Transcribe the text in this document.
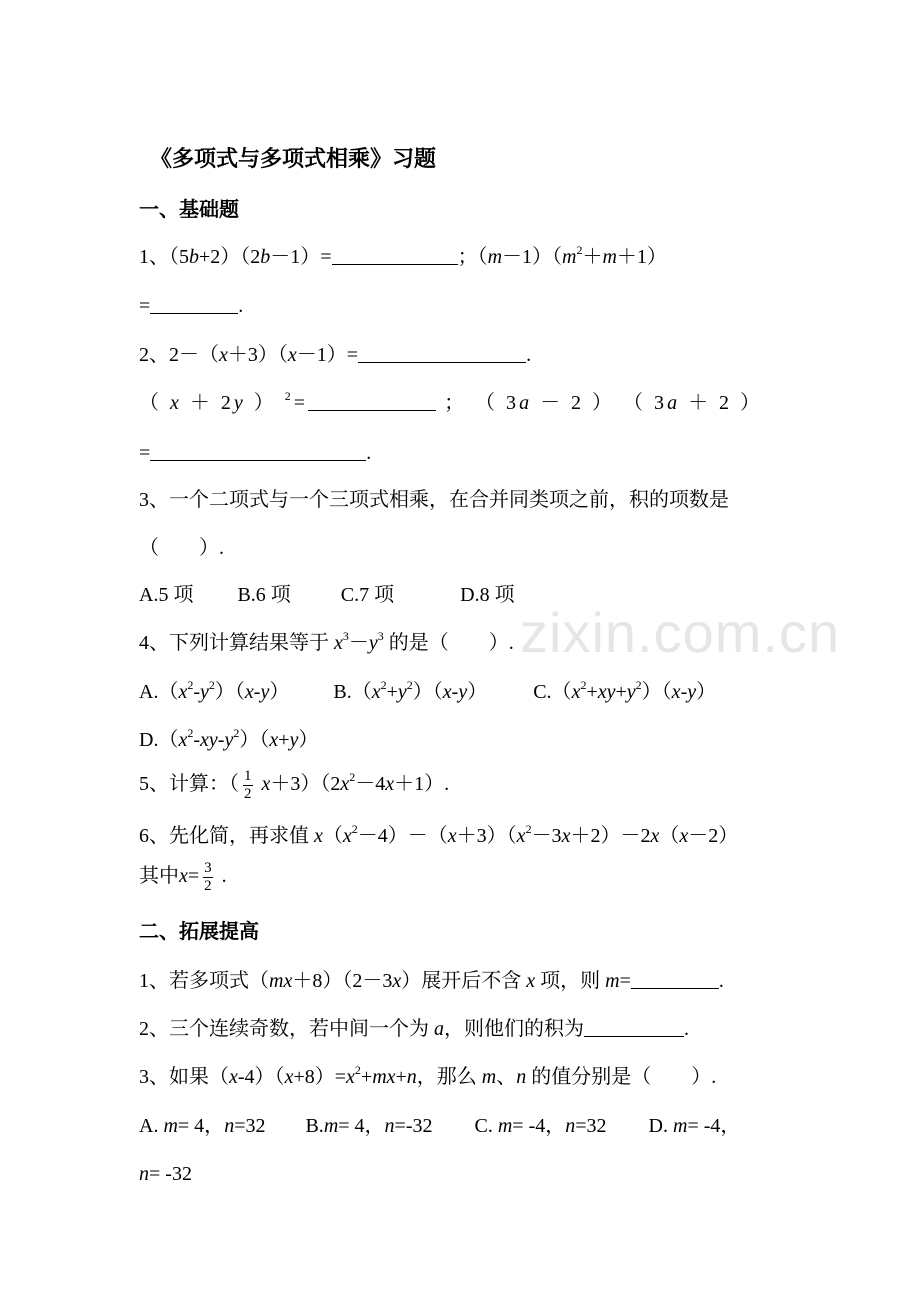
zixin.com.cn
《多项式与多项式相乘》习题
一、基础题
1、（5b+2）（2b－1）=	；$(m-1)(m^2+m+1)$
=	.
2、2－（x＋3）（x－1）=	.
（ x ＋ 2y ） $^2$=	； （ 3a － 2 ） （ 3a ＋ 2 ）
=	.
3、一个二项式与一个三项式相乘，在合并同类项之前，积的项数是
（　　）.
A.5 项 B.6 项	C.7 项	D.8 项
4、下列计算结果等于 $x^3-y^3$ 的是（　　）.
$A.(x^2-y^2)(x-y)$ $B.(x^2+y^2)(x-y)$ $C.(x^2+xy+y^2)(x-y)$
$D.(x^2-xy-y^2)(x+y)$
5、计算：（ $\frac{1}{2} x+3)(2x^2-4x+1)$.
6、先化简，再求值 $x(x^2-4)-(x+3)(x^2-3x+2)-2x(x-2)$
其中$x= \frac{3}{2}$ .
二、拓展提高
1、若多项式（mx＋8）（2－3x）展开后不含 x 项，则 m=	.
2、三个连续奇数，若中间一个为 a，则他们的积为	.
3、如果$(x-4)(x+8)=x^2+mx+n$，那么 m、n 的值分别是（　　）.
A. m= 4，n=32 B.m= 4，n=-32 C. m= -4，n=32 D. m= -4，
n= -32
